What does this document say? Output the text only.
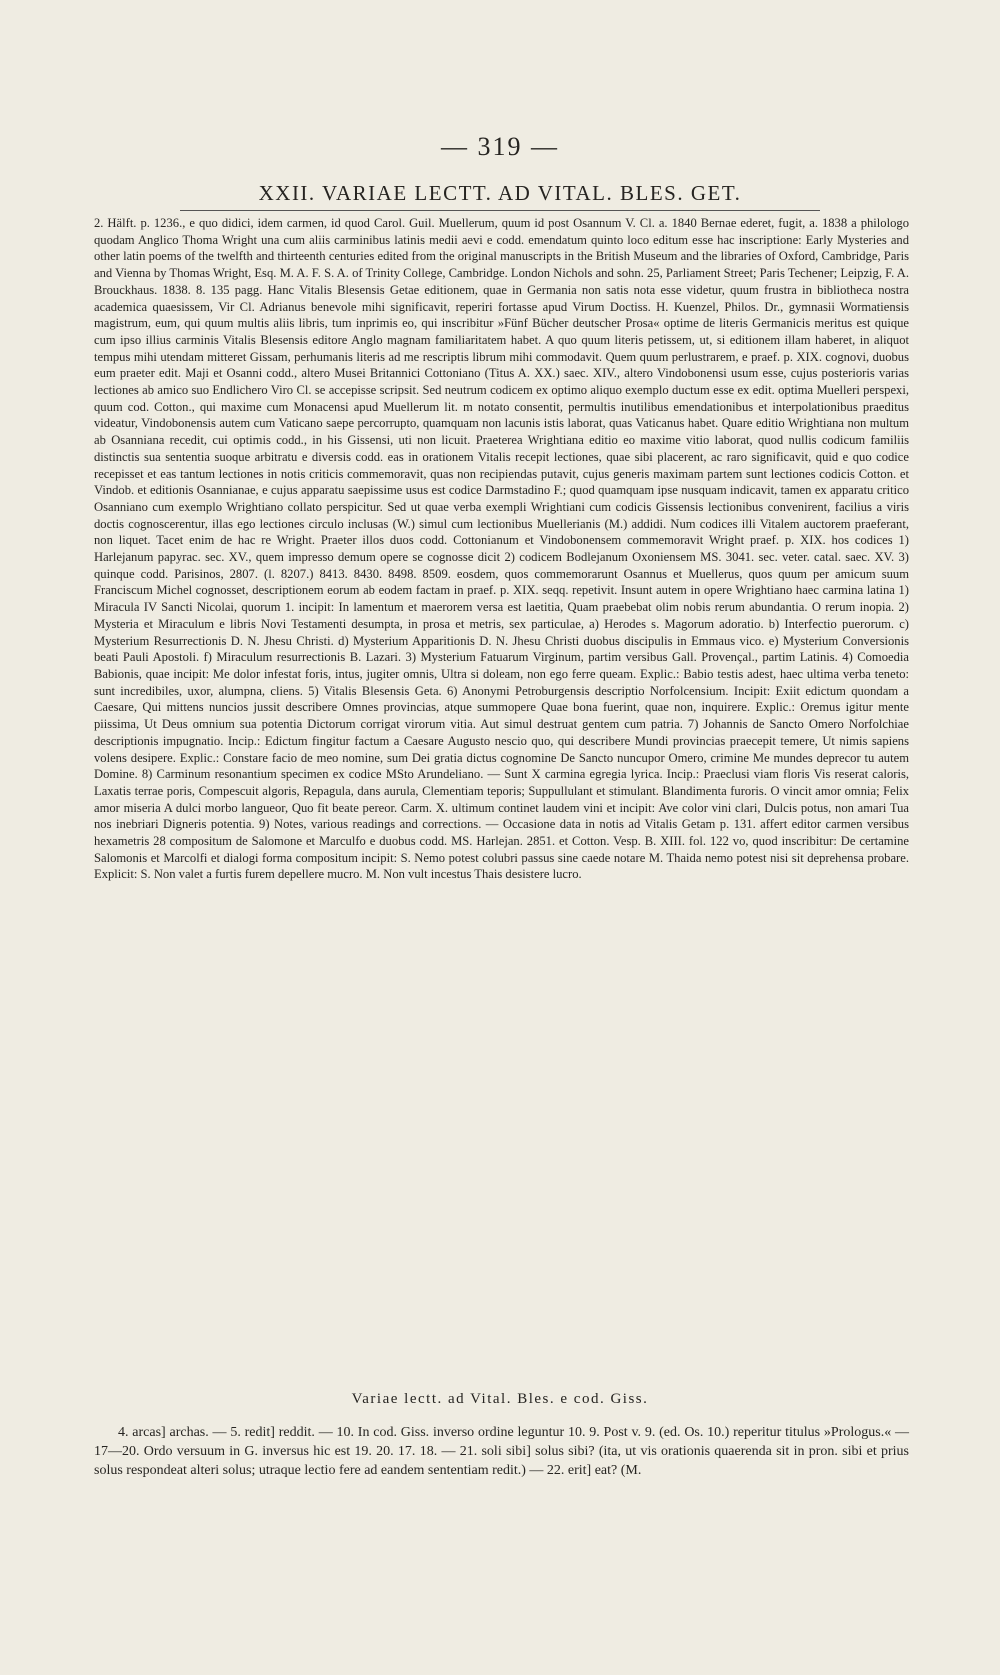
— 319 —
XXII. VARIAE LECTT. AD VITAL. BLES. GET.

2. Hälft. p. 1236., e quo didici, idem carmen, id quod Carol. Guil. Muellerum, quum id post Osannum V. Cl. a. 1840 Bernae ederet, fugit, a. 1838 a philologo quodam Anglico Thoma Wright una cum aliis carminibus latinis medii aevi e codd. emendatum quinto loco editum esse hac inscriptione: Early Mysteries and other latin poems of the twelfth and thirteenth centuries edited from the original manuscripts in the British Museum and the libraries of Oxford, Cambridge, Paris and Vienna by Thomas Wright, Esq. M. A. F. S. A. of Trinity College, Cambridge. London Nichols and sohn. 25, Parliament Street; Paris Techener; Leipzig, F. A. Brouckhaus. 1838. 8. 135 pagg. Hanc Vitalis Blesensis Getae editionem, quae in Germania non satis nota esse videtur, quum frustra in bibliotheca nostra academica quaesissem, Vir Cl. Adrianus benevole mihi significavit, reperiri fortasse apud Virum Doctiss. H. Kuenzel, Philos. Dr., gymnasii Wormatiensis magistrum, eum, qui quum multis aliis libris, tum inprimis eo, qui inscribitur »Fünf Bücher deutscher Prosa« optime de literis Germanicis meritus est quique cum ipso illius carminis Vitalis Blesensis editore Anglo magnam familiaritatem habet. A quo quum literis petissem, ut, si editionem illam haberet, in aliquot tempus mihi utendam mitteret Gissam, perhumanis literis ad me rescriptis librum mihi commodavit. Quem quum perlustrarem, e praef. p. XIX. cognovi, duobus eum praeter edit. Maji et Osanni codd., altero Musei Britannici Cottoniano (Titus A. XX.) saec. XIV., altero Vindobonensi usum esse, cujus posterioris varias lectiones ab amico suo Endlichero Viro Cl. se accepisse scripsit. Sed neutrum codicem ex optimo aliquo exemplo ductum esse ex edit. optima Muelleri perspexi, quum cod. Cotton., qui maxime cum Monacensi apud Muellerum lit. m notato consentit, permultis inutilibus emendationibus et interpolationibus praeditus videatur, Vindobonensis autem cum Vaticano saepe percorrupto, quamquam non lacunis istis laborat, quas Vaticanus habet. Quare editio Wrightiana non multum ab Osanniana recedit, cui optimis codd., in his Gissensi, uti non licuit. Praeterea Wrightiana editio eo maxime vitio laborat, quod nullis codicum familiis distinctis sua sententia suoque arbitratu e diversis codd. eas in orationem Vitalis recepit lectiones, quae sibi placerent, ac raro significavit, quid e quo codice recepisset et eas tantum lectiones in notis criticis commemoravit, quas non recipiendas putavit, cujus generis maximam partem sunt lectiones codicis Cotton. et Vindob. et editionis Osannianae, e cujus apparatu saepissime usus est codice Darmstadino F.; quod quamquam ipse nusquam indicavit, tamen ex apparatu critico Osanniano cum exemplo Wrightiano collato perspicitur. Sed ut quae verba exempli Wrightiani cum codicis Gissensis lectionibus convenirent, facilius a viris doctis cognoscerentur, illas ego lectiones circulo inclusas (W.) simul cum lectionibus Muellerianis (M.) addidi. Num codices illi Vitalem auctorem praeferant, non liquet. Tacet enim de hac re Wright. Praeter illos duos codd. Cottonianum et Vindobonensem commemoravit Wright praef. p. XIX. hos codices 1) Harlejanum papyrac. sec. XV., quem impresso demum opere se cognosse dicit 2) codicem Bodlejanum Oxoniensem MS. 3041. sec. veter. catal. saec. XV. 3) quinque codd. Parisinos, 2807. (l. 8207.) 8413. 8430. 8498. 8509. eosdem, quos commemorarunt Osannus et Muellerus, quos quum per amicum suum Franciscum Michel cognosset, descriptionem eorum ab eodem factam in praef. p. XIX. seqq. repetivit. Insunt autem in opere Wrightiano haec carmina latina 1) Miracula IV Sancti Nicolai, quorum 1. incipit: In lamentum et maerorem versa est laetitia, Quam praebebat olim nobis rerum abundantia. O rerum inopia. 2) Mysteria et Miraculum e libris Novi Testamenti desumpta, in prosa et metris, sex particulae, a) Herodes s. Magorum adoratio. b) Interfectio puerorum. c) Mysterium Resurrectionis D. N. Jhesu Christi. d) Mysterium Apparitionis D. N. Jhesu Christi duobus discipulis in Emmaus vico. e) Mysterium Conversionis beati Pauli Apostoli. f) Miraculum resurrectionis B. Lazari. 3) Mysterium Fatuarum Virginum, partim versibus Gall. Provençal., partim Latinis. 4) Comoedia Babionis, quae incipit: Me dolor infestat foris, intus, jugiter omnis, Ultra si doleam, non ego ferre queam. Explic.: Babio testis adest, haec ultima verba teneto: sunt incredibiles, uxor, alumpna, cliens. 5) Vitalis Blesensis Geta. 6) Anonymi Petroburgensis descriptio Norfolcensium. Incipit: Exiit edictum quondam a Caesare, Qui mittens nuncios jussit describere Omnes provincias, atque summopere Quae bona fuerint, quae non, inquirere. Explic.: Oremus igitur mente piissima, Ut Deus omnium sua potentia Dictorum corrigat virorum vitia. Aut simul destruat gentem cum patria. 7) Johannis de Sancto Omero Norfolchiae descriptionis impugnatio. Incip.: Edictum fingitur factum a Caesare Augusto nescio quo, qui describere Mundi provincias praecepit temere, Ut nimis sapiens volens desipere. Explic.: Constare facio de meo nomine, sum Dei gratia dictus cognomine De Sancto nuncupor Omero, crimine Me mundes deprecor tu autem Domine. 8) Carminum resonantium specimen ex codice MSto Arundeliano. — Sunt X carmina egregia lyrica. Incip.: Praeclusi viam floris Vis reserat caloris, Laxatis terrae poris, Compescuit algoris, Repagula, dans aurula, Clementiam teporis; Suppullulant et stimulant. Blandimenta furoris. O vincit amor omnia; Felix amor miseria A dulci morbo langueor, Quo fit beate pereor. Carm. X. ultimum continet laudem vini et incipit: Ave color vini clari, Dulcis potus, non amari Tua nos inebriari Digneris potentia. 9) Notes, various readings and corrections. — Occasione data in notis ad Vitalis Getam p. 131. affert editor carmen versibus hexametris 28 compositum de Salomone et Marculfo e duobus codd. MS. Harlejan. 2851. et Cotton. Vesp. B. XIII. fol. 122 vo, quod inscribitur: De certamine Salomonis et Marcolfi et dialogi forma compositum incipit: S. Nemo potest colubri passus sine caede notare M. Thaida nemo potest nisi sit deprehensa probare. Explicit: S. Non valet a furtis furem depellere mucro. M. Non vult incestus Thais desistere lucro.

Variae lectt. ad Vital. Bles. e cod. Giss.

4. arcas] archas. — 5. redit] reddit. — 10. In cod. Giss. inverso ordine leguntur 10. 9. Post v. 9. (ed. Os. 10.) reperitur titulus »Prologus.« — 17—20. Ordo versuum in G. inversus hic est 19. 20. 17. 18. — 21. soli sibi] solus sibi? (ita, ut vis orationis quaerenda sit in pron. sibi et prius solus respondeat alteri solus; utraque lectio fere ad eandem sententiam redit.) — 22. erit] eat? (M.
